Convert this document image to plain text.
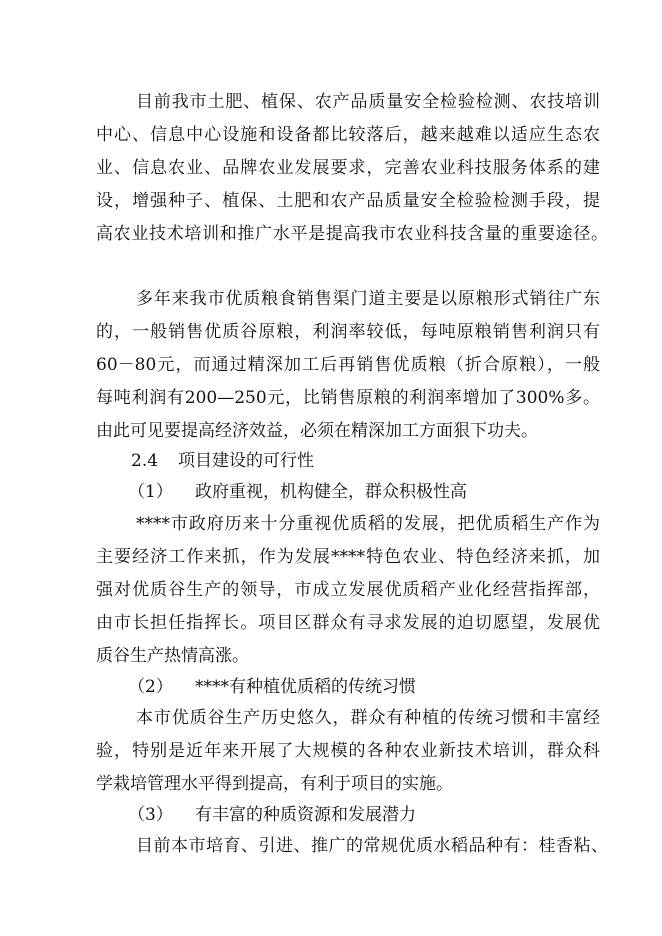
目前我市土肥、植保、农产品质量安全检验检测、农技培训
中心、信息中心设施和设备都比较落后，越来越难以适应生态农
业、信息农业、品牌农业发展要求，完善农业科技服务体系的建
设，增强种子、植保、土肥和农产品质量安全检验检测手段，提
高农业技术培训和推广水平是提高我市农业科技含量的重要途径。
多年来我市优质粮食销售渠门道主要是以原粮形式销往广东
的，一般销售优质谷原粮，利润率较低，每吨原粮销售利润只有
60－80元，而通过精深加工后再销售优质粮（折合原粮），一般
每吨利润有200—250元，比销售原粮的利润率增加了300%多。
由此可见要提高经济效益，必须在精深加工方面狠下功夫。
2.4 项目建设的可行性
（1） 政府重视，机构健全，群众积极性高
****市政府历来十分重视优质稻的发展，把优质稻生产作为
主要经济工作来抓，作为发展****特色农业、特色经济来抓，加
强对优质谷生产的领导，市成立发展优质稻产业化经营指挥部，
由市长担任指挥长。项目区群众有寻求发展的迫切愿望，发展优
质谷生产热情高涨。
（2） ****有种植优质稻的传统习惯
本市优质谷生产历史悠久，群众有种植的传统习惯和丰富经
验，特别是近年来开展了大规模的各种农业新技术培训，群众科
学栽培管理水平得到提高，有利于项目的实施。
（3） 有丰富的种质资源和发展潜力
目前本市培育、引进、推广的常规优质水稻品种有：桂香粘、
